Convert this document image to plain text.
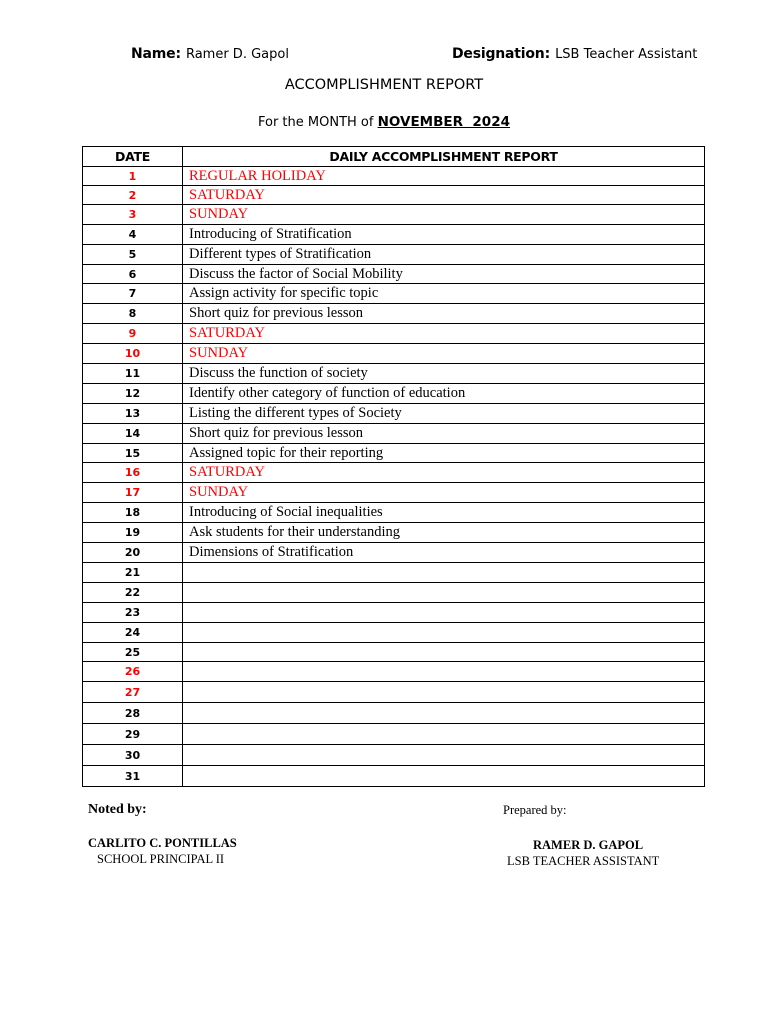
Name: Ramer D. Gapol	Designation: LSB Teacher Assistant
ACCOMPLISHMENT REPORT
For the MONTH of NOVEMBER  2024
DATE	DAILY ACCOMPLISHMENT REPORT
1	REGULAR HOLIDAY
2	SATURDAY
3	SUNDAY
4	Introducing of Stratification
5	Different types of Stratification
6	Discuss the factor of Social Mobility
7	Assign activity for specific topic
8	Short quiz for previous lesson
9	SATURDAY
10	SUNDAY
11	Discuss the function of society
12	Identify other category of function of education
13	Listing the different types of Society
14	Short quiz for previous lesson
15	Assigned topic for their reporting
16	SATURDAY
17	SUNDAY
18	Introducing of Social inequalities
19	Ask students for their understanding
20	Dimensions of Stratification
21	
22	
23	
24	
25	
26	
27	
28	
29	
30	
31	
Noted by:	Prepared by:
CARLITO C. PONTILLAS
SCHOOL PRINCIPAL II
RAMER D. GAPOL
LSB TEACHER ASSISTANT
